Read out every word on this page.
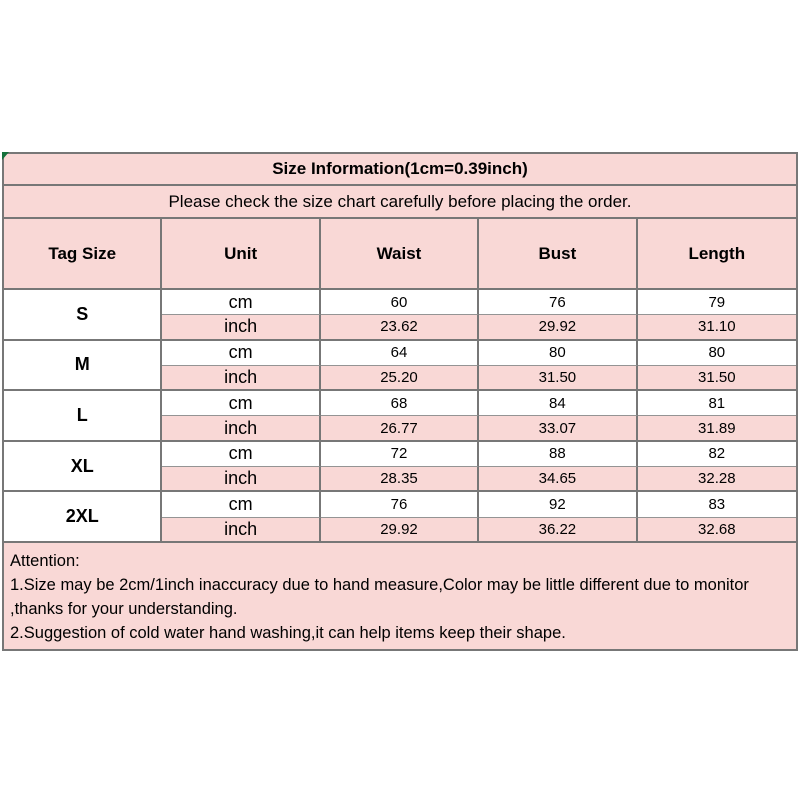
Size Information(1cm=0.39inch)
Please check the size chart carefully before placing the order.
Tag Size	Unit	Waist	Bust	Length
S
cm	60	76	79
inch	23.62	29.92	31.10
M
cm	64	80	80
inch	25.20	31.50	31.50
L
cm	68	84	81
inch	26.77	33.07	31.89
XL
cm	72	88	82
inch	28.35	34.65	32.28
2XL
cm	76	92	83
inch	29.92	36.22	32.68
Attention:
1.Size may be 2cm/1inch inaccuracy due to hand measure,Color may be little different due to monitor
,thanks for your understanding.
2.Suggestion of cold water hand washing,it can help items keep their shape.
